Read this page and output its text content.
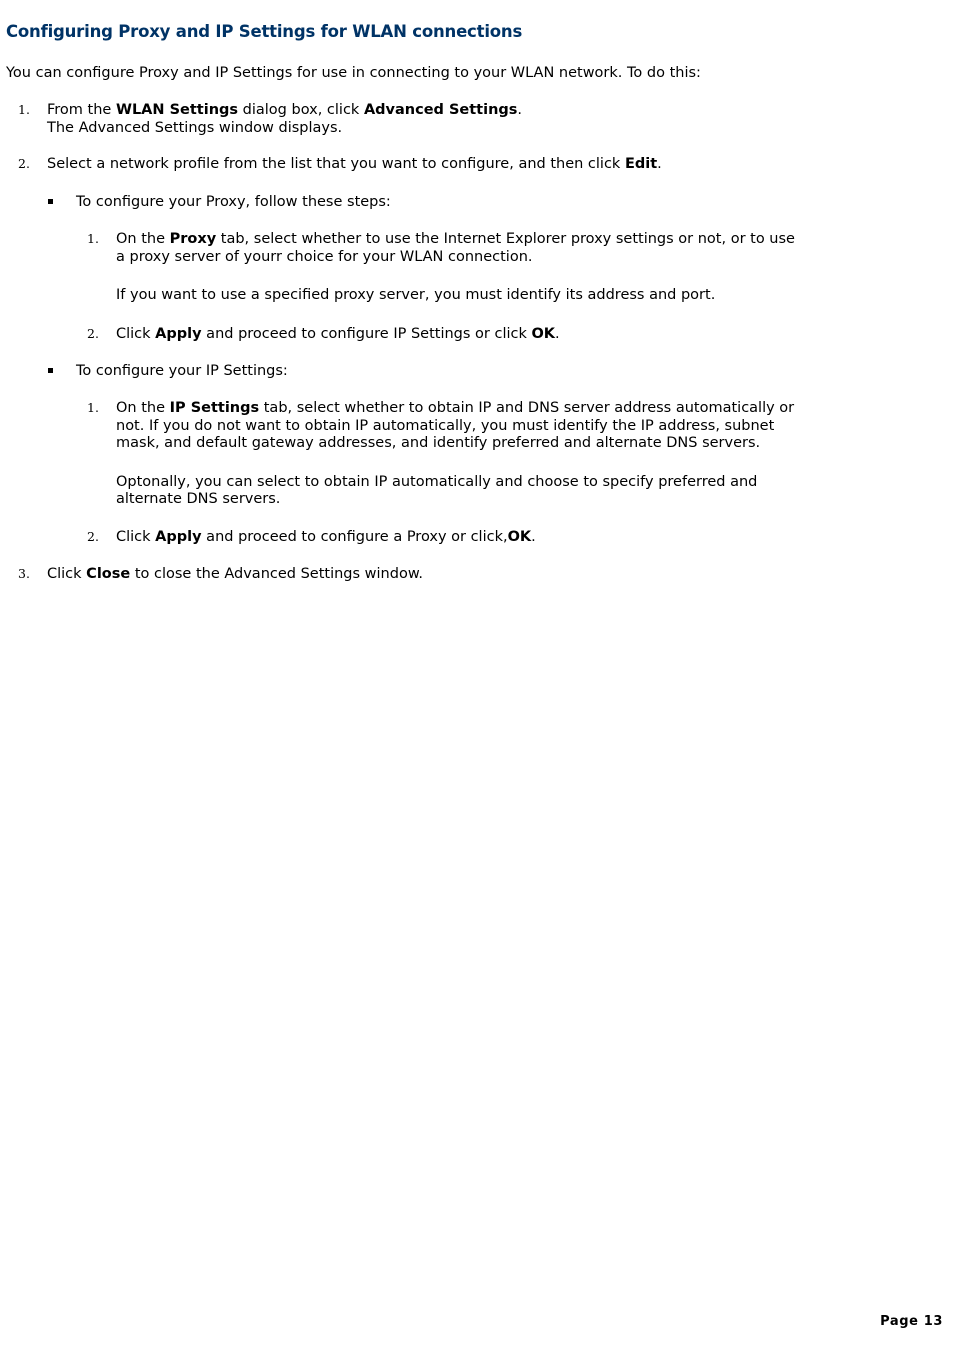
Configuring Proxy and IP Settings for WLAN connections

You can configure Proxy and IP Settings for use in connecting to your WLAN network. To do this:

1. From the WLAN Settings dialog box, click Advanced Settings.

The Advanced Settings window displays.

2. Select a network profile from the list that you want to configure, and then click Edit.

To configure your Proxy, follow these steps:

1. On the Proxy tab, select whether to use the Internet Explorer proxy settings or not, or to use

a proxy server of yourr choice for your WLAN connection.

If you want to use a specified proxy server, you must identify its address and port.

2. Click Apply and proceed to configure IP Settings or click OK.

To configure your IP Settings:

1. On the IP Settings tab, select whether to obtain IP and DNS server address automatically or

not. If you do not want to obtain IP automatically, you must identify the IP address, subnet

mask, and default gateway addresses, and identify preferred and alternate DNS servers.

Optonally, you can select to obtain IP automatically and choose to specify preferred and

alternate DNS servers.

2. Click Apply and proceed to configure a Proxy or click,OK.

3. Click Close to close the Advanced Settings window.

Page 13
